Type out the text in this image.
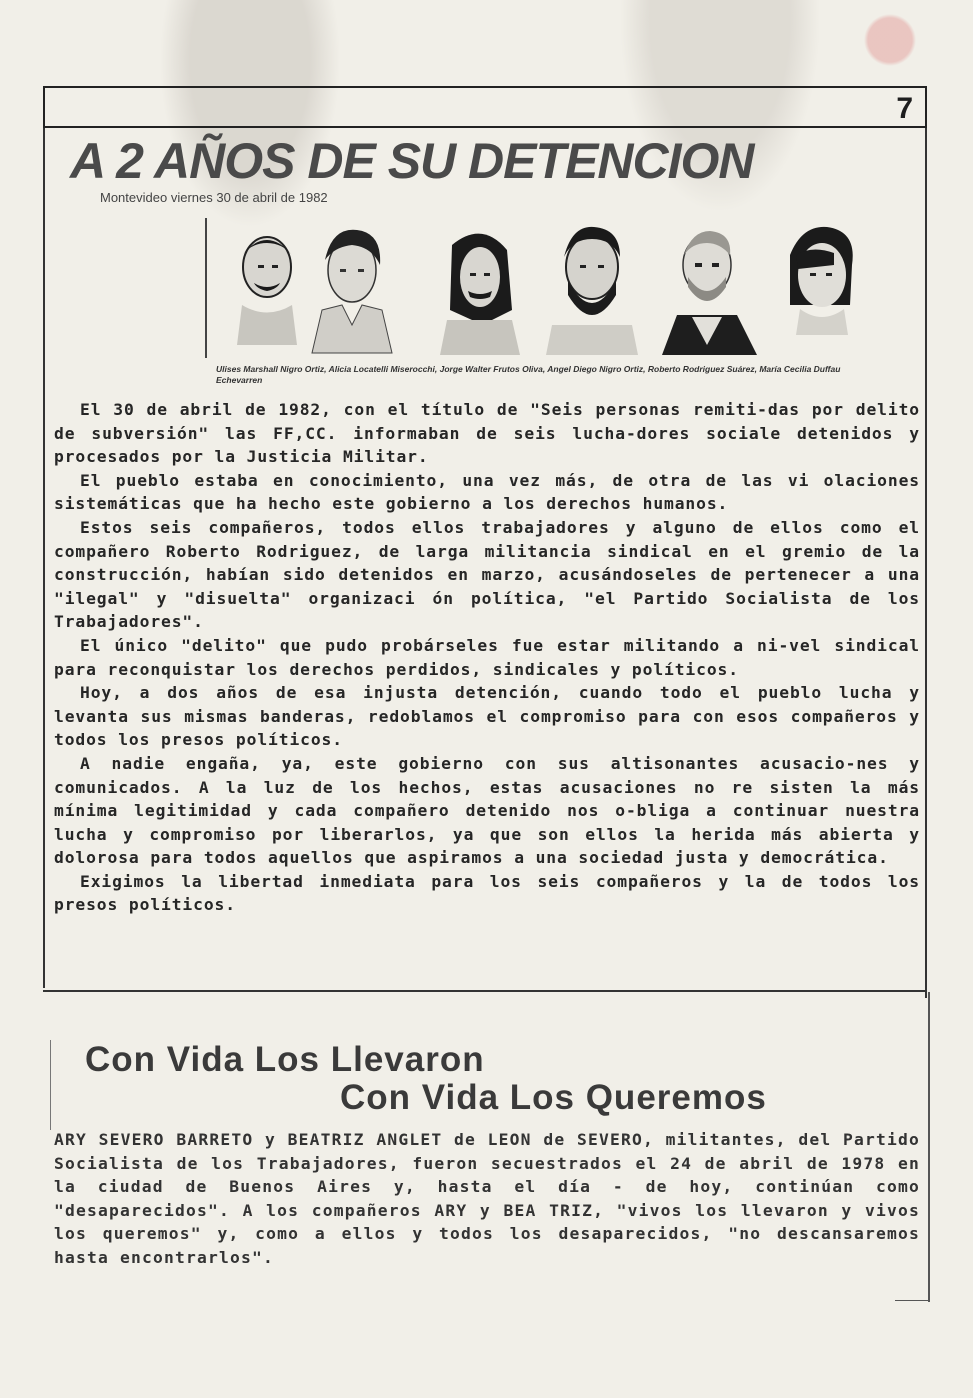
7
A 2 AÑOS DE SU DETENCION
Montevideo viernes 30 de abril de 1982
Ulises Marshall Nigro Ortiz, Alicia Locatelli Miserocchi, Jorge Walter Frutos Oliva, Angel Diego Nigro Ortiz, Roberto Rodriguez Suárez, María Cecilia Duffau Echevarren

El 30 de abril de 1982, con el título de "Seis personas remiti-das por delito de subversión" las FF,CC. informaban de seis lucha-dores sociale detenidos y procesados por la Justicia Militar.

El pueblo estaba en conocimiento, una vez más, de otra de las vi olaciones sistemáticas que ha hecho este gobierno a los derechos humanos.

Estos seis compañeros, todos ellos trabajadores y alguno de ellos como el compañero Roberto Rodriguez, de larga militancia sindical en el gremio de la construcción, habían sido detenidos en marzo, acusándoseles de pertenecer a una "ilegal" y "disuelta" organizaci ón política, "el Partido Socialista de los Trabajadores".

El único "delito" que pudo probárseles fue estar militando a ni-vel sindical para reconquistar los derechos perdidos, sindicales y políticos.

Hoy, a dos años de esa injusta detención, cuando todo el pueblo lucha y levanta sus mismas banderas, redoblamos el compromiso para con esos compañeros y todos los presos políticos.

A nadie engaña, ya, este gobierno con sus altisonantes acusacio-nes y comunicados. A la luz de los hechos, estas acusaciones no re sisten la más mínima legitimidad y cada compañero detenido nos o-bliga a continuar nuestra lucha y compromiso por liberarlos, ya que son ellos la herida más abierta y dolorosa para todos aquellos que aspiramos a una sociedad justa y democrática.

Exigimos la libertad inmediata para los seis compañeros y la de todos los presos políticos.

Con Vida Los Llevaron
Con Vida Los Queremos

ARY SEVERO BARRETO y BEATRIZ ANGLET de LEON de SEVERO, militantes, del Partido Socialista de los Trabajadores, fueron secuestrados el 24 de abril de 1978 en la ciudad de Buenos Aires y, hasta el día - de hoy, continúan como "desaparecidos". A los compañeros ARY y BEA TRIZ, "vivos los llevaron y vivos los queremos" y, como a ellos y todos los desaparecidos, "no descansaremos hasta encontrarlos".
